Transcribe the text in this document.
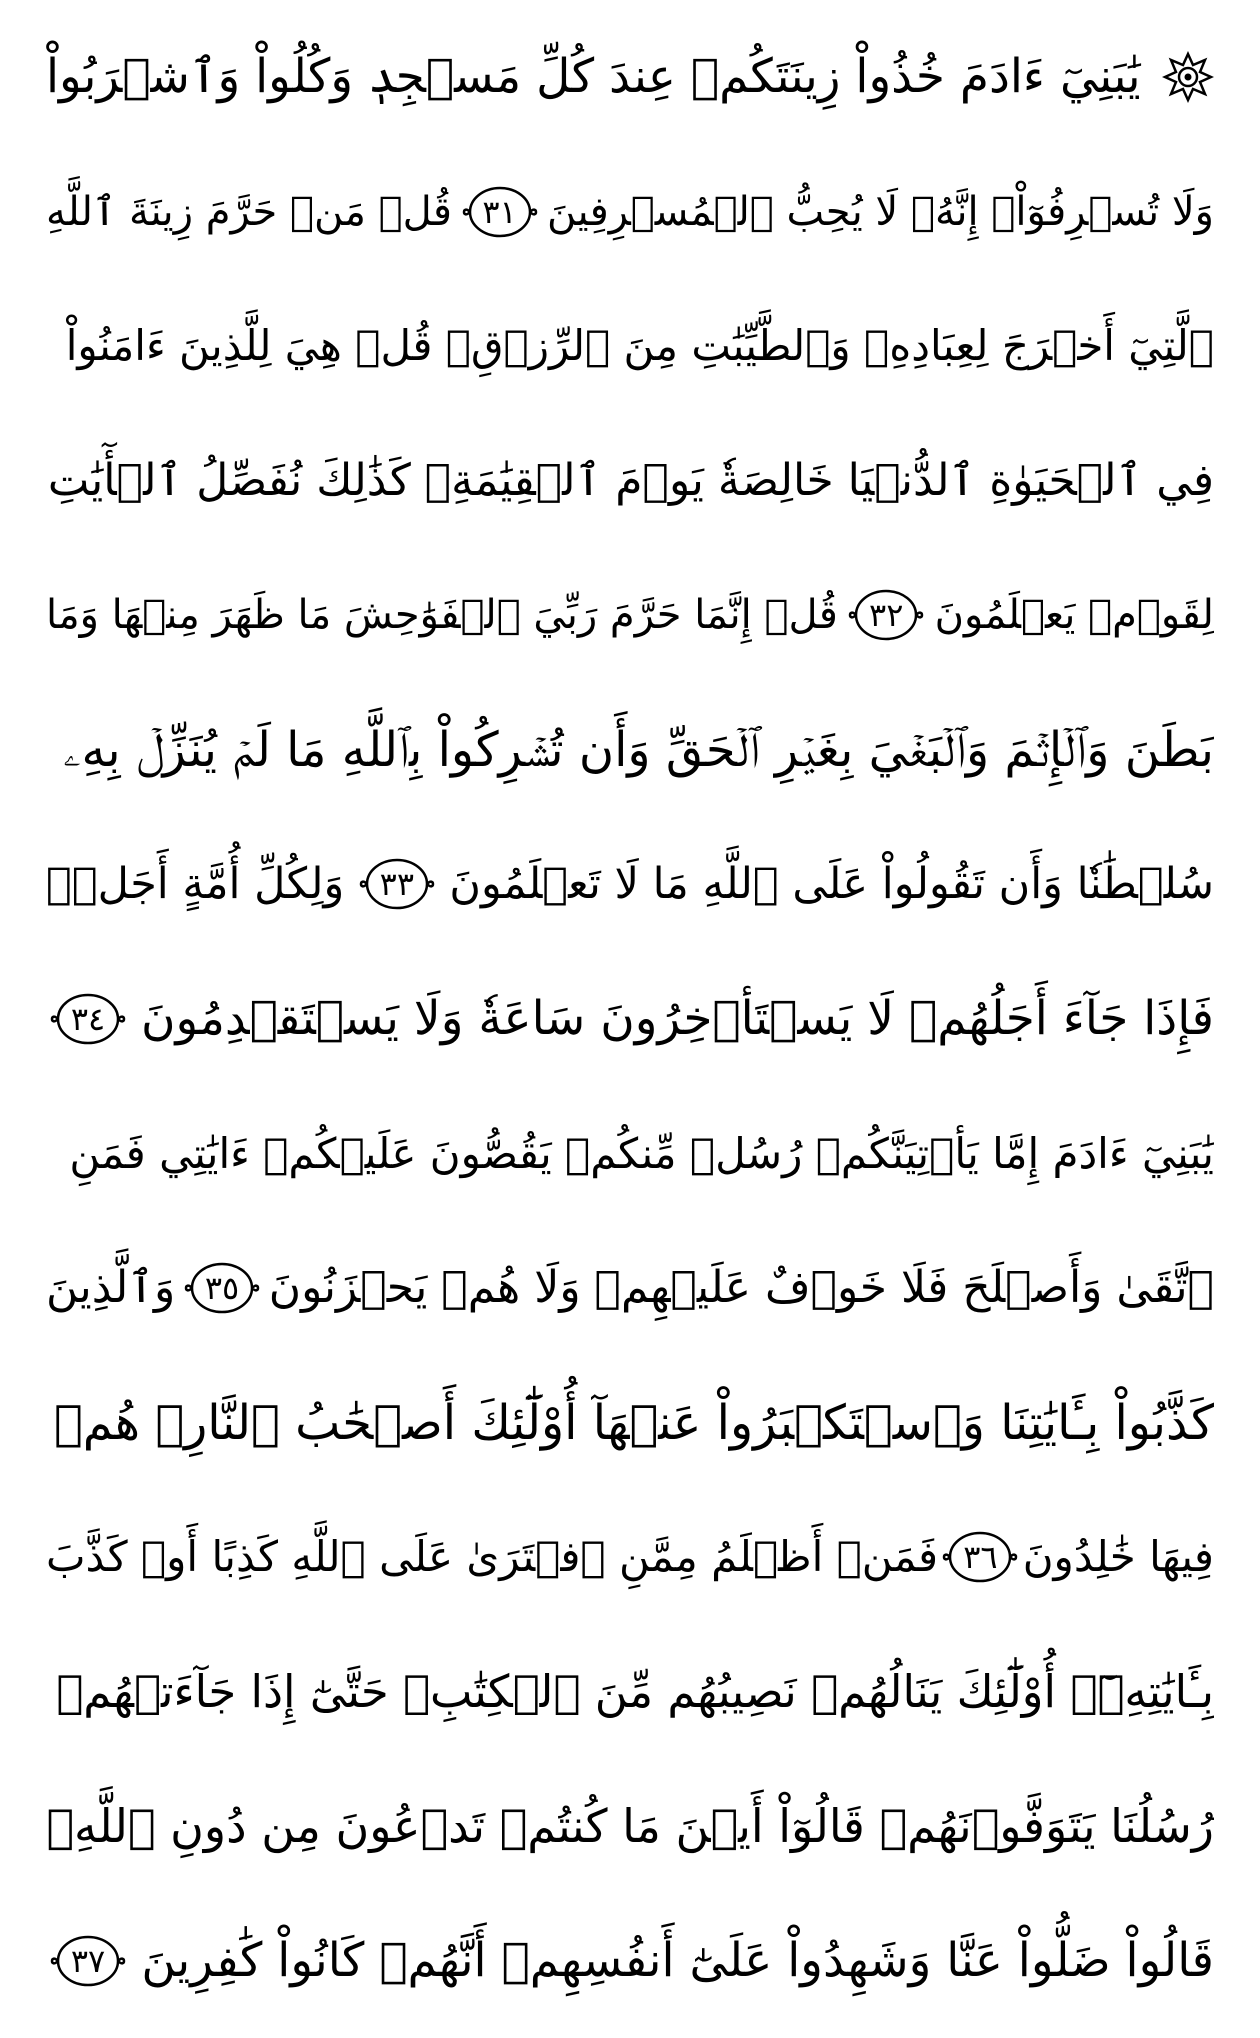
يَٰبَنِيٓ ءَادَمَ خُذُواْ زِينَتَكُمۡ عِندَ كُلِّ مَسۡجِدٖ وَكُلُواْ وَٱشۡرَبُواْ
وَلَا تُسۡرِفُوٓاْۚ إِنَّهُۥ لَا يُحِبُّ ٱلۡمُسۡرِفِينَ
٣١
قُلۡ مَنۡ حَرَّمَ زِينَةَ ٱللَّهِ
ٱلَّتِيٓ أَخۡرَجَ لِعِبَادِهِۦ وَٱلطَّيِّبَٰتِ مِنَ ٱلرِّزۡقِۚ قُلۡ هِيَ لِلَّذِينَ ءَامَنُواْ
فِي ٱلۡحَيَوٰةِ ٱلدُّنۡيَا خَالِصَةٗ يَوۡمَ ٱلۡقِيَٰمَةِۗ كَذَٰلِكَ نُفَصِّلُ ٱلۡأٓيَٰتِ
لِقَوۡمٖ يَعۡلَمُونَ
٣٢
قُلۡ إِنَّمَا حَرَّمَ رَبِّيَ ٱلۡفَوَٰحِشَ مَا ظَهَرَ مِنۡهَا وَمَا
بَطَنَ وَٱلۡإِثۡمَ وَٱلۡبَغۡيَ بِغَيۡرِ ٱلۡحَقِّ وَأَن تُشۡرِكُواْ بِٱللَّهِ مَا لَمۡ يُنَزِّلۡ بِهِۦ
سُلۡطَٰنٗا وَأَن تَقُولُواْ عَلَى ٱللَّهِ مَا لَا تَعۡلَمُونَ
٣٣
وَلِكُلِّ أُمَّةٍ أَجَلٞۖ
فَإِذَا جَآءَ أَجَلُهُمۡ لَا يَسۡتَأۡخِرُونَ سَاعَةٗ وَلَا يَسۡتَقۡدِمُونَ
٣٤
يَٰبَنِيٓ ءَادَمَ إِمَّا يَأۡتِيَنَّكُمۡ رُسُلٞ مِّنكُمۡ يَقُصُّونَ عَلَيۡكُمۡ ءَايَٰتِي فَمَنِ
ٱتَّقَىٰ وَأَصۡلَحَ فَلَا خَوۡفٌ عَلَيۡهِمۡ وَلَا هُمۡ يَحۡزَنُونَ
٣٥
وَٱلَّذِينَ
كَذَّبُواْ بِـَٔايَٰتِنَا وَٱسۡتَكۡبَرُواْ عَنۡهَآ أُوْلَٰٓئِكَ أَصۡحَٰبُ ٱلنَّارِۖ هُمۡ
فِيهَا خَٰلِدُونَ
٣٦
فَمَنۡ أَظۡلَمُ مِمَّنِ ٱفۡتَرَىٰ عَلَى ٱللَّهِ كَذِبًا أَوۡ كَذَّبَ
بِـَٔايَٰتِهِۦٓۚ أُوْلَٰٓئِكَ يَنَالُهُمۡ نَصِيبُهُم مِّنَ ٱلۡكِتَٰبِۖ حَتَّىٰٓ إِذَا جَآءَتۡهُمۡ
رُسُلُنَا يَتَوَفَّوۡنَهُمۡ قَالُوٓاْ أَيۡنَ مَا كُنتُمۡ تَدۡعُونَ مِن دُونِ ٱللَّهِۖ
قَالُواْ ضَلُّواْ عَنَّا وَشَهِدُواْ عَلَىٰٓ أَنفُسِهِمۡ أَنَّهُمۡ كَانُواْ كَٰفِرِينَ
٣٧
